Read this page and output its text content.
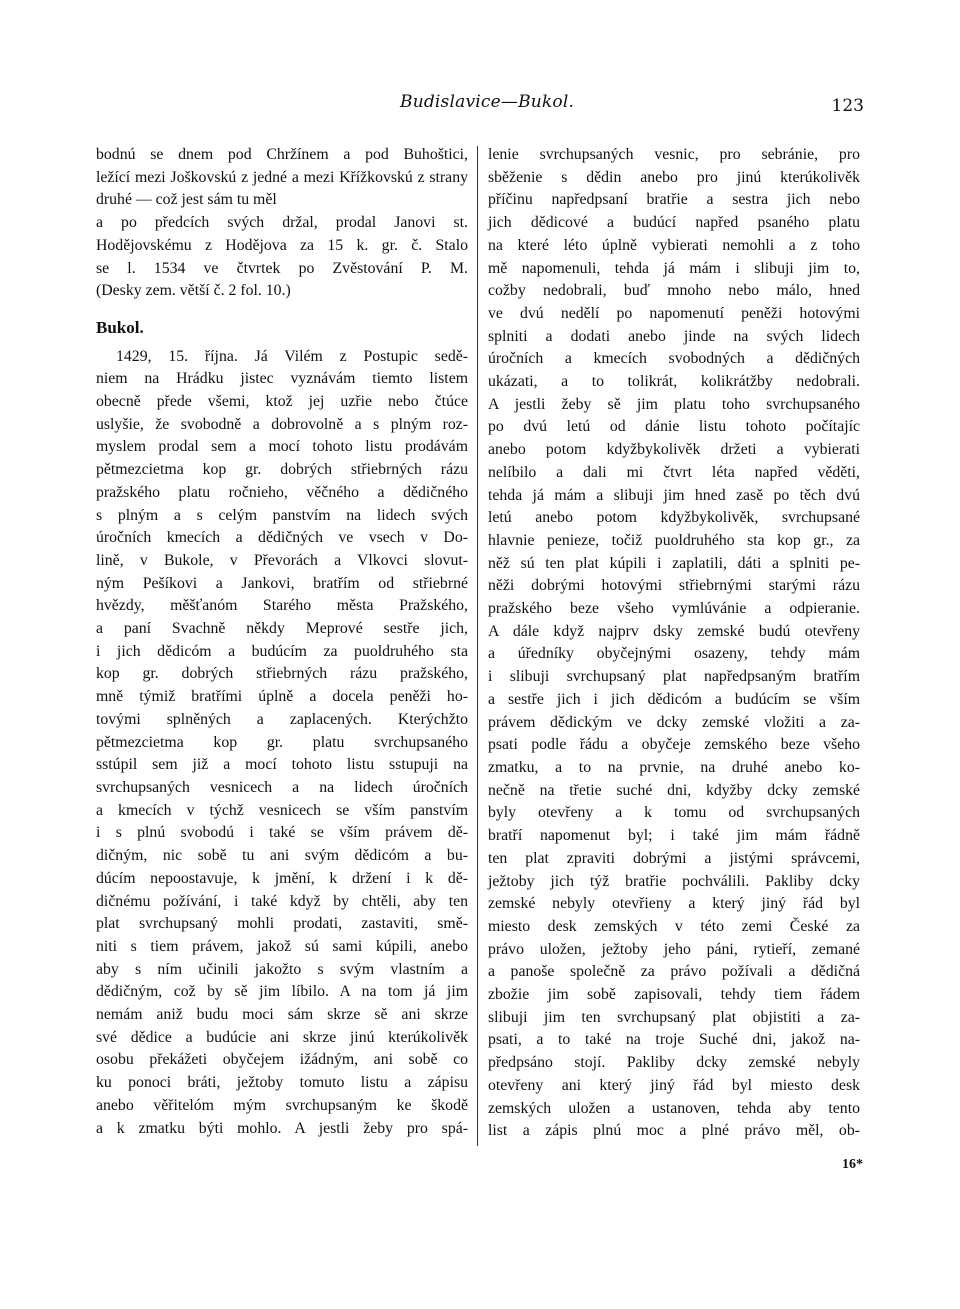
Budislavice—Bukol.	123
bodnú se dnem pod Chržínem a pod Buhoštici,
ležící mezi Joškovskú z jedné a mezi Křížkovskú z strany druhé — což jest sám tu měl
a po předcích svých držal, prodal Janovi st.
Hodějovskému z Hodějova za 15 k. gr. č. Stalo
se l. 1534 ve čtvrtek po Zvěstování P. M.
(Desky zem. větší č. 2 fol. 10.)
Bukol.
1429, 15. října. Já Vilém z Postupic sedě-
niem na Hrádku jistec vyznávám tiemto listem
obecně přede všemi, ktož jej uzřie nebo čtúce
uslyšie, že svobodně a dobrovolně a s plným roz-
myslem prodal sem a mocí tohoto listu prodávám
pětmezcietma kop gr. dobrých střiebrných rázu
pražského platu ročnieho, věčného a dědičného
s plným a s celým panstvím na lidech svých
úročních kmecích a dědičných ve vsech v Do-
lině, v Bukole, v Převorách a Vlkovci slovut-
ným Pešíkovi a Jankovi, bratřím od střiebrné
hvězdy, měšťanóm Starého města Pražského,
a paní Svachně někdy Meprové sestře jich,
i jich dědicóm a budúcím za puoldruhého sta
kop gr. dobrých střiebrných rázu pražského,
mně týmiž bratřími úplně a docela peněži ho-
tovými splněných a zaplacených. Kterýchžto
pětmezcietma kop gr. platu svrchupsaného
sstúpil sem již a mocí tohoto listu sstupuji na
svrchupsaných vesnicech a na lidech úročních
a kmecích v týchž vesnicech se vším panstvím
i s plnú svobodú i také se vším právem dě-
dičným, nic sobě tu ani svým dědicóm a bu-
dúcím nepoostavuje, k jmění, k držení i k dě-
dičnému požívání, i také když by chtěli, aby ten
plat svrchupsaný mohli prodati, zastaviti, smě-
niti s tiem právem, jakož sú sami kúpili, anebo
aby s ním učinili jakožto s svým vlastním a
dědičným, což by sě jim líbilo. A na tom já jim
nemám aniž budu moci sám skrze sě ani skrze
své dědice a budúcie ani skrze jinú kterúkolivěk
osobu překážeti obyčejem ižádným, ani sobě co
ku ponoci bráti, ježtoby tomuto listu a zápisu
anebo věřitelóm mým svrchupsaným ke škodě
a k zmatku býti mohlo. A jestli žeby pro spá-
lenie svrchupsaných vesnic, pro sebránie, pro
sběženie s dědin anebo pro jinú kterúkolivěk
příčinu napředpsaní bratřie a sestra jich nebo
jich dědicové a budúcí napřed psaného platu
na které léto úplně vybierati nemohli a z toho
mě napomenuli, tehda já mám i slibuji jim to,
cožby nedobrali, buď mnoho nebo málo, hned
ve dvú nedělí po napomenutí peněži hotovými
splniti a dodati anebo jinde na svých lidech
úročních a kmecích svobodných a dědičných
ukázati, a to tolikrát, kolikrátžby nedobrali.
A jestli žeby sě jim platu toho svrchupsaného
po dvú letú od dánie listu tohoto počítajíc
anebo potom kdyžbykolivěk držeti a vybierati
nelíbilo a dali mi čtvrt léta napřed věděti,
tehda já mám a slibuji jim hned zasě po těch dvú
letú anebo potom kdyžbykolivěk, svrchupsané
hlavnie penieze, točiž puoldruhého sta kop gr., za
něž sú ten plat kúpili i zaplatili, dáti a splniti pe-
něži dobrými hotovými střiebrnými starými rázu
pražského beze všeho vymlúvánie a odpieranie.
A dále když najprv dsky zemské budú otevřeny
a úředníky obyčejnými osazeny, tehdy mám
i slibuji svrchupsaný plat napředpsaným bratřím
a sestře jich i jich dědicóm a budúcím se vším
právem dědickým ve dcky zemské vložiti a za-
psati podle řádu a obyčeje zemského beze všeho
zmatku, a to na prvnie, na druhé anebo ko-
nečně na třetie suché dni, kdyžby dcky zemské
byly otevřeny a k tomu od svrchupsaných
bratří napomenut byl; i také jim mám řádně
ten plat zpraviti dobrými a jistými správcemi,
ježtoby jich týž bratřie pochválili. Pakliby dcky
zemské nebyly otevřieny a který jiný řád byl
miesto desk zemských v této zemi České za
právo uložen, ježtoby jeho páni, rytieří, zemané
a panoše společně za právo požívali a dědičná
zbožie jim sobě zapisovali, tehdy tiem řádem
slibuji jim ten svrchupsaný plat objistiti a za-
psati, a to také na troje Suché dni, jakož na-
předpsáno stojí. Pakliby dcky zemské nebyly
otevřeny ani který jiný řád byl miesto desk
zemských uložen a ustanoven, tehda aby tento
list a zápis plnú moc a plné právo měl, ob-
16*
